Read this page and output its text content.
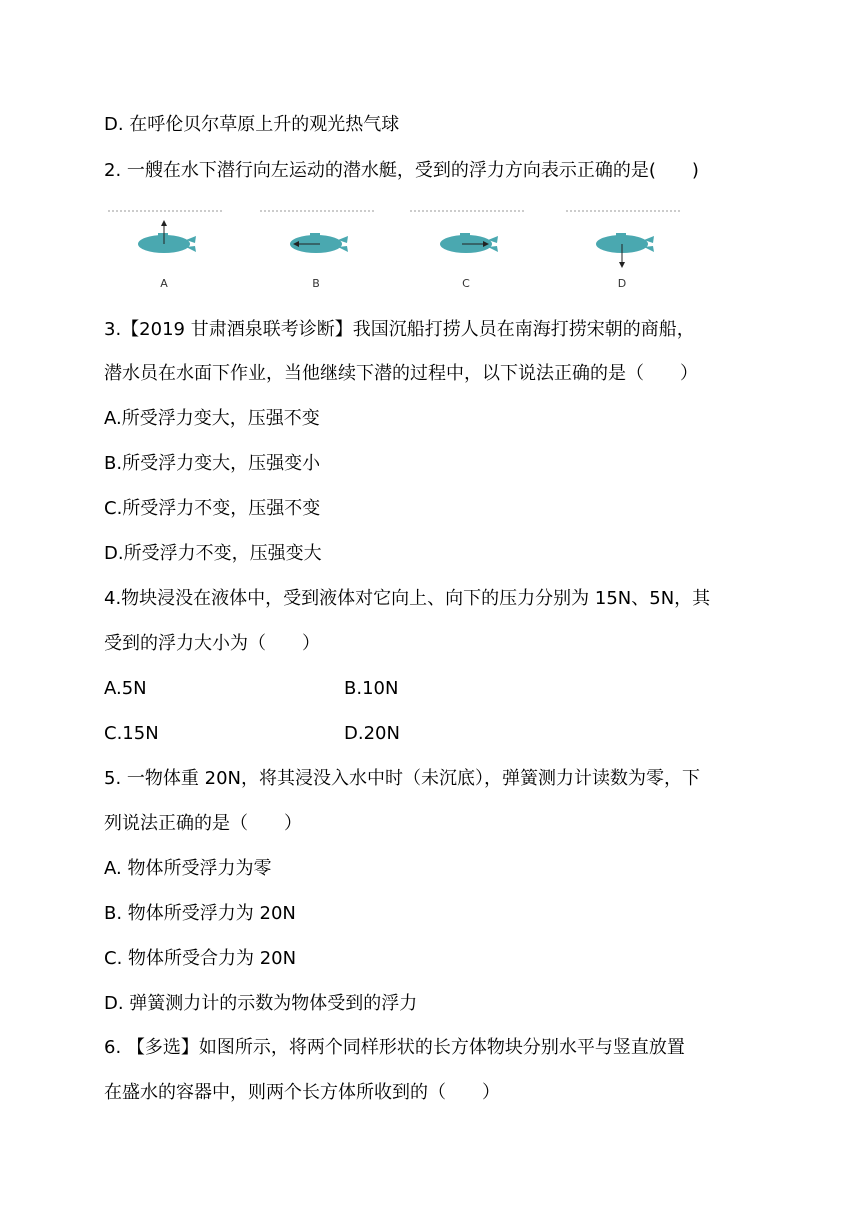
D. 在呼伦贝尔草原上升的观光热气球
2. 一艘在水下潜行向左运动的潜水艇，受到的浮力方向表示正确的是(　　)
A	B	C	D
3.【2019 甘肃酒泉联考诊断】我国沉船打捞人员在南海打捞宋朝的商船，
潜水员在水面下作业，当他继续下潜的过程中，以下说法正确的是（　　）
A.所受浮力变大，压强不变
B.所受浮力变大，压强变小
C.所受浮力不变，压强不变
D.所受浮力不变，压强变大
4.物块浸没在液体中，受到液体对它向上、向下的压力分别为 15N、5N，其
受到的浮力大小为（　　）
A.5N	B.10N
C.15N	D.20N
5. 一物体重 20N，将其浸没入水中时（未沉底），弹簧测力计读数为零，下
列说法正确的是（　　）
A. 物体所受浮力为零
B. 物体所受浮力为 20N
C. 物体所受合力为 20N
D. 弹簧测力计的示数为物体受到的浮力
6. 【多选】如图所示，将两个同样形状的长方体物块分别水平与竖直放置
在盛水的容器中，则两个长方体所收到的（　　）
